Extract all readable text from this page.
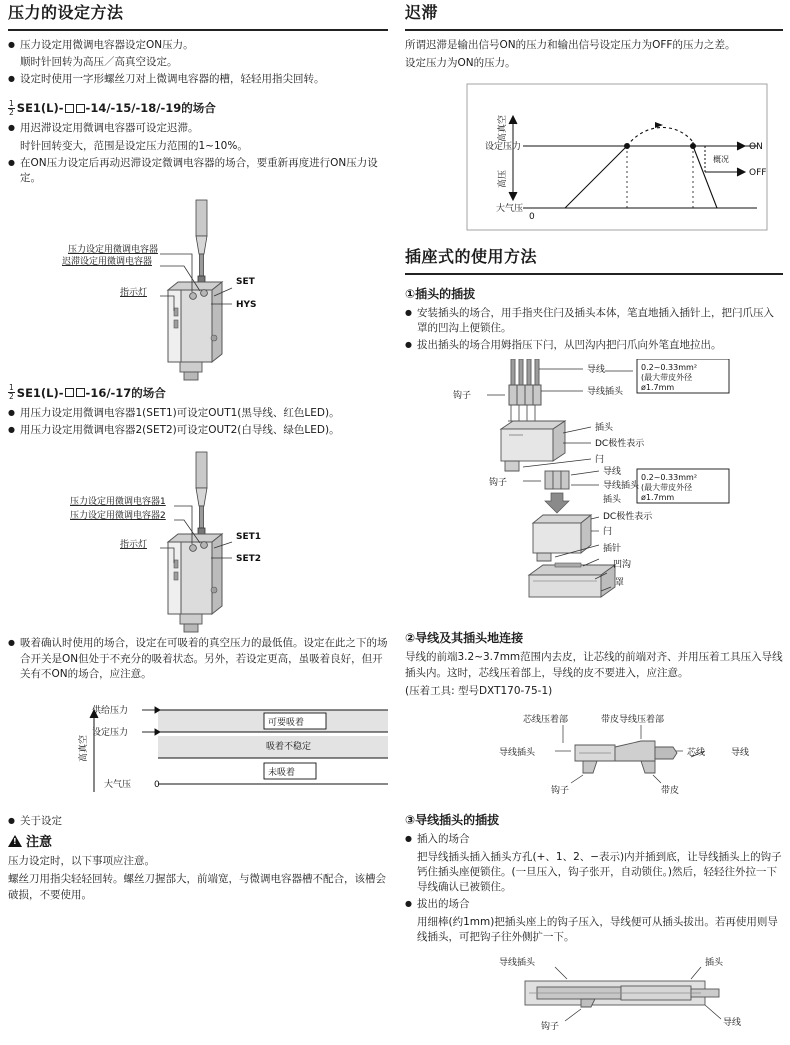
压力的设定方法
● 压力设定用微调电容器设定ON压力。
顺时针回转为高压／高真空设定。
● 设定时使用一字形螺丝刀对上微调电容器的槽，轻轻用指尖回转。
$\frac{1}{2} SE1(L)-$ -14/-15/-18/-19的场合
● 用迟滞设定用微调电容器可设定迟滞。
时针回转变大，范围是设定压力范围的1~10%。
● 在ON压力设定后再动迟滞设定微调电容器的场合，要重新再度进行ON压力设定。
压力设定用微调电容器
迟滞设定用微调电容器
指示灯
SET
HYS
$\frac{1}{2} SE1(L)-$ -16/-17的场合
● 用压力设定用微调电容器1(SET1)可设定OUT1(黑导线、红色LED)。
● 用压力设定用微调电容器2(SET2)可设定OUT2(白导线、绿色LED)。
压力设定用微调电容器1
压力设定用微调电容器2
指示灯
SET1
SET2
● 吸着确认时使用的场合，设定在可吸着的真空压力的最低值。设定在此之下的场合开关是ON但处于不充分的吸着状态。另外，若设定更高，虽吸着良好，但开关有不ON的场合，应注意。
高真空
供给压力
设定压力
大气压	0
可要吸着
吸着不稳定
未吸着
● 关于设定
!
注意
压力设定时，以下事项应注意。
螺丝刀用指尖轻轻回转。螺丝刀握部大，前端宽，与微调电容器槽不配合，该槽会破损，不要使用。
迟滞
所谓迟滞是输出信号ON的压力和输出信号设定压力为OFF的压力之差。
设定压力为ON的压力。
高真空
高压
大气压
0
设定压力	ON
OFF
概况
插座式的使用方法
①插头的插拔
● 安装插头的场合，用手指夹住闩及插头本体，笔直地插入插针上，把闩爪压入罩的凹沟上便锁住。
● 拔出插头的场合用姆指压下闩，从凹沟内把闩爪向外笔直地拉出。
0.2~0.33mm²
(最大带皮外径
ø1.7mm
导线
导线插头
钩子
插头
DC极性表示
闩
0.2~0.33mm²
(最大带皮外径
ø1.7mm
导线
导线插头
钩子
插头
DC极性表示
闩
插针
凹沟
罩
②导线及其插头地连接
导线的前端3.2~3.7mm范围内去皮，让芯线的前端对齐、并用压着工具压入导线插头内。这时，芯线压着部上，导线的皮不要进入，应注意。
(压着工具: 型号DXT170-75-1)
芯线压着部	带皮导线压着部
导线插头	芯线	导线
钩子	带皮
③导线插头的插拔
● 插入的场合
把导线插头插入插头方孔(+、1、2、−表示)内并插到底，让导线插头上的钩子钙住插头座便锁住。(一旦压入，钩子张开，自动锁住。)然后，轻轻往外拉一下导线确认已被锁住。
● 拔出的场合
用细棒(约1mm)把插头座上的钩子压入，导线便可从插头拔出。若再使用则导线插头，可把钩子往外侧扩一下。
导线插头	插头
钩子	导线
